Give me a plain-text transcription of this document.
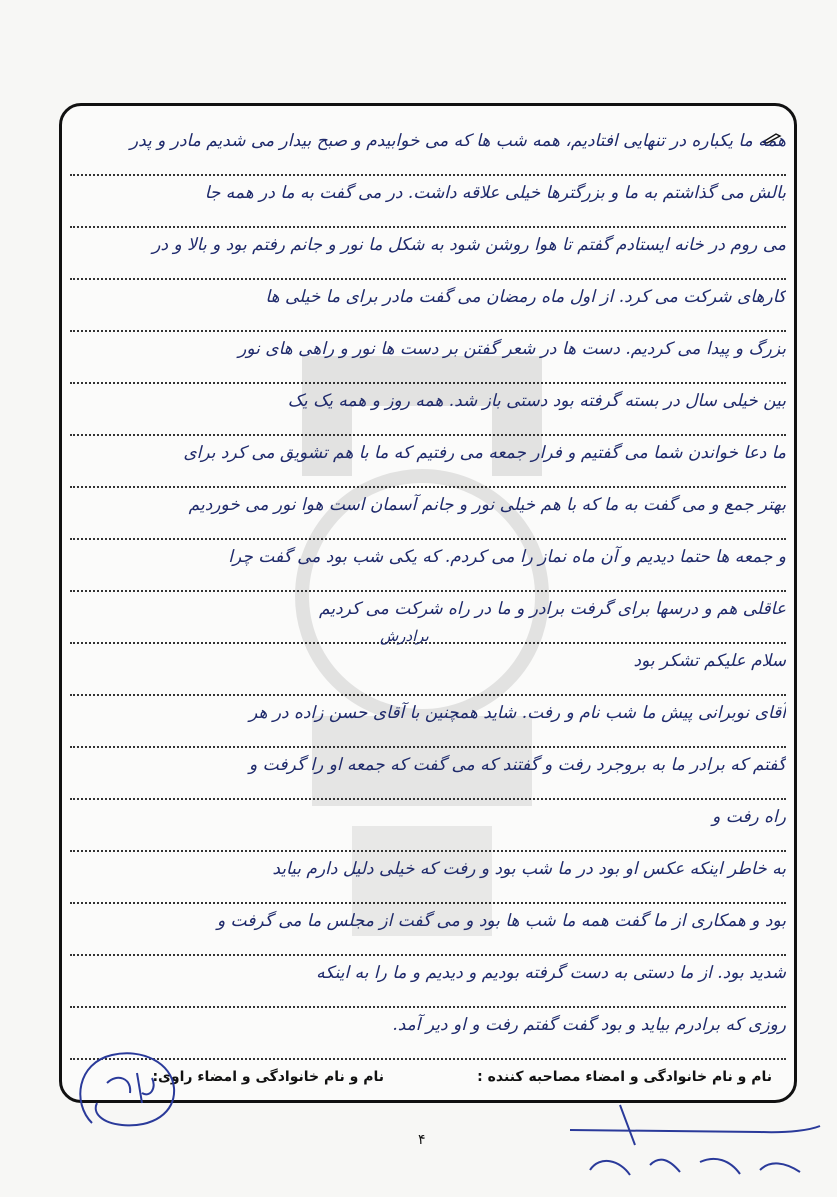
همه ما یکباره در تنهایی افتادیم، همه شب ها که می خوابیدم و صبح بیدار می شدیم مادر و پدر
بالش می گذاشتم به ما و بزرگترها خیلی علاقه داشت. در می گفت به ما در همه جا
می روم در خانه ایستادم گفتم تا هوا روشن شود به شکل ما نور و جانم رفتم بود و بالا و در
کارهای شرکت می کرد. از اول ماه رمضان می گفت مادر برای ما خیلی ها
بزرگ و پیدا می کردیم. دست ها در شعر گفتن بر دست ها نور و راهی های نور
بین خیلی سال در بسته گرفته بود دستی باز شد. همه روز و همه یک یک
ما دعا خواندن شما می گفتیم و فرار جمعه می رفتیم که ما با هم تشویق می کرد برای
بهتر جمع و می گفت به ما که با هم خیلی نور و جانم آسمان است هوا نور می خوردیم
و جمعه ها حتما دیدیم و آن ماه نماز را می کردم. که یکی شب بود می گفت چرا
عاقلی هم و درسها برای گرفت برادر و ما در راه شرکت می کردیم
سلام علیکم تشکر بود
آقای نوبرانی پیش ما شب نام و رفت. شاید همچنین با آقای حسن زاده در هر
گفتم که برادر ما به بروجرد رفت و گفتند که می گفت که جمعه او را گرفت و
راه رفت و
به خاطر اینکه عکس او بود در ما شب بود و رفت که خیلی دلیل دارم بیاید
بود و همکاری از ما گفت همه ما شب ها بود و می گفت از مجلس ما می گرفت و
شدید بود. از ما دستی به دست گرفته بودیم و دیدیم و ما را به اینکه
روزی که برادرم بیاید و بود گفت گفتم رفت و او دیر آمد.
برادرش
نام و نام خانوادگی و امضاء مصاحبه کننده :
نام و نام خانوادگی و امضاء راوی:
۴
